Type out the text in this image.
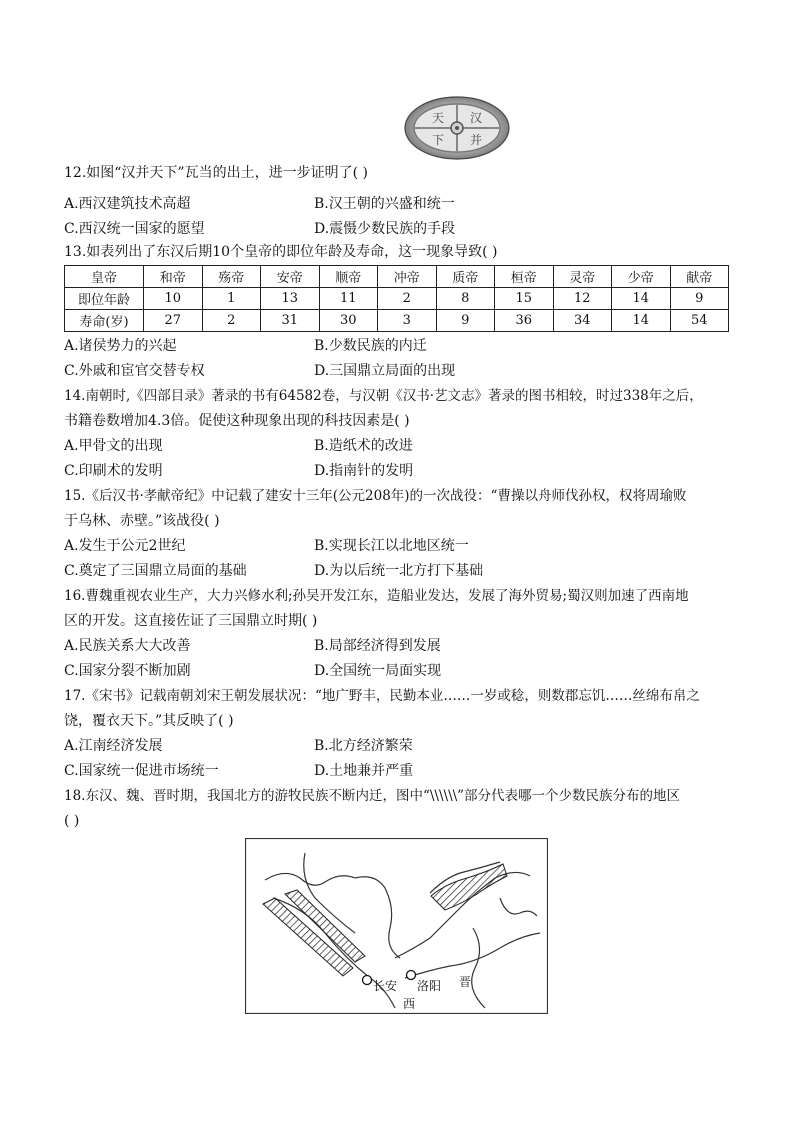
汉
并
天
下
12.如图“汉并天下”瓦当的出土，进一步证明了( )
A.西汉建筑技术高超	B.汉王朝的兴盛和统一
C.西汉统一国家的愿望	D.震慑少数民族的手段
13.如表列出了东汉后期10个皇帝的即位年龄及寿命，这一现象导致( )
皇帝	和帝	殇帝	安帝	顺帝	冲帝	质帝	桓帝	灵帝	少帝	献帝
即位年龄	10	1	13	11	2	8	15	12	14	9
寿命(岁)	27	2	31	30	3	9	36	34	14	54
A.诸侯势力的兴起	B.少数民族的内迁
C.外戚和宦官交替专权	D.三国鼎立局面的出现
14.南朝时,《四部目录》著录的书有64582卷，与汉朝《汉书·艺文志》著录的图书相较，时过338年之后，
书籍卷数增加4.3倍。促使这种现象出现的科技因素是( )
A.甲骨文的出现	B.造纸术的改进
C.印刷术的发明	D.指南针的发明
15.《后汉书·孝献帝纪》中记载了建安十三年(公元208年)的一次战役：“曹操以舟师伐孙权，权将周瑜败
于乌林、赤壁。”该战役( )
A.发生于公元2世纪	B.实现长江以北地区统一
C.奠定了三国鼎立局面的基础	D.为以后统一北方打下基础
16.曹魏重视农业生产，大力兴修水利;孙吴开发江东，造船业发达，发展了海外贸易;蜀汉则加速了西南地
区的开发。这直接佐证了三国鼎立时期( )
A.民族关系大大改善	B.局部经济得到发展
C.国家分裂不断加剧	D.全国统一局面实现
17.《宋书》记载南朝刘宋王朝发展状况：“地广野丰，民勤本业……一岁或稔，则数郡忘饥……丝绵布帛之
饶，覆衣天下。”其反映了( )
A.江南经济发展	B.北方经济繁荣
C.国家统一促进市场统一	D.土地兼并严重
18.东汉、魏、晋时期，我国北方的游牧民族不断内迁，图中“\\\\\\”部分代表哪一个少数民族分布的地区
( )
长安 洛阳 晋
西
